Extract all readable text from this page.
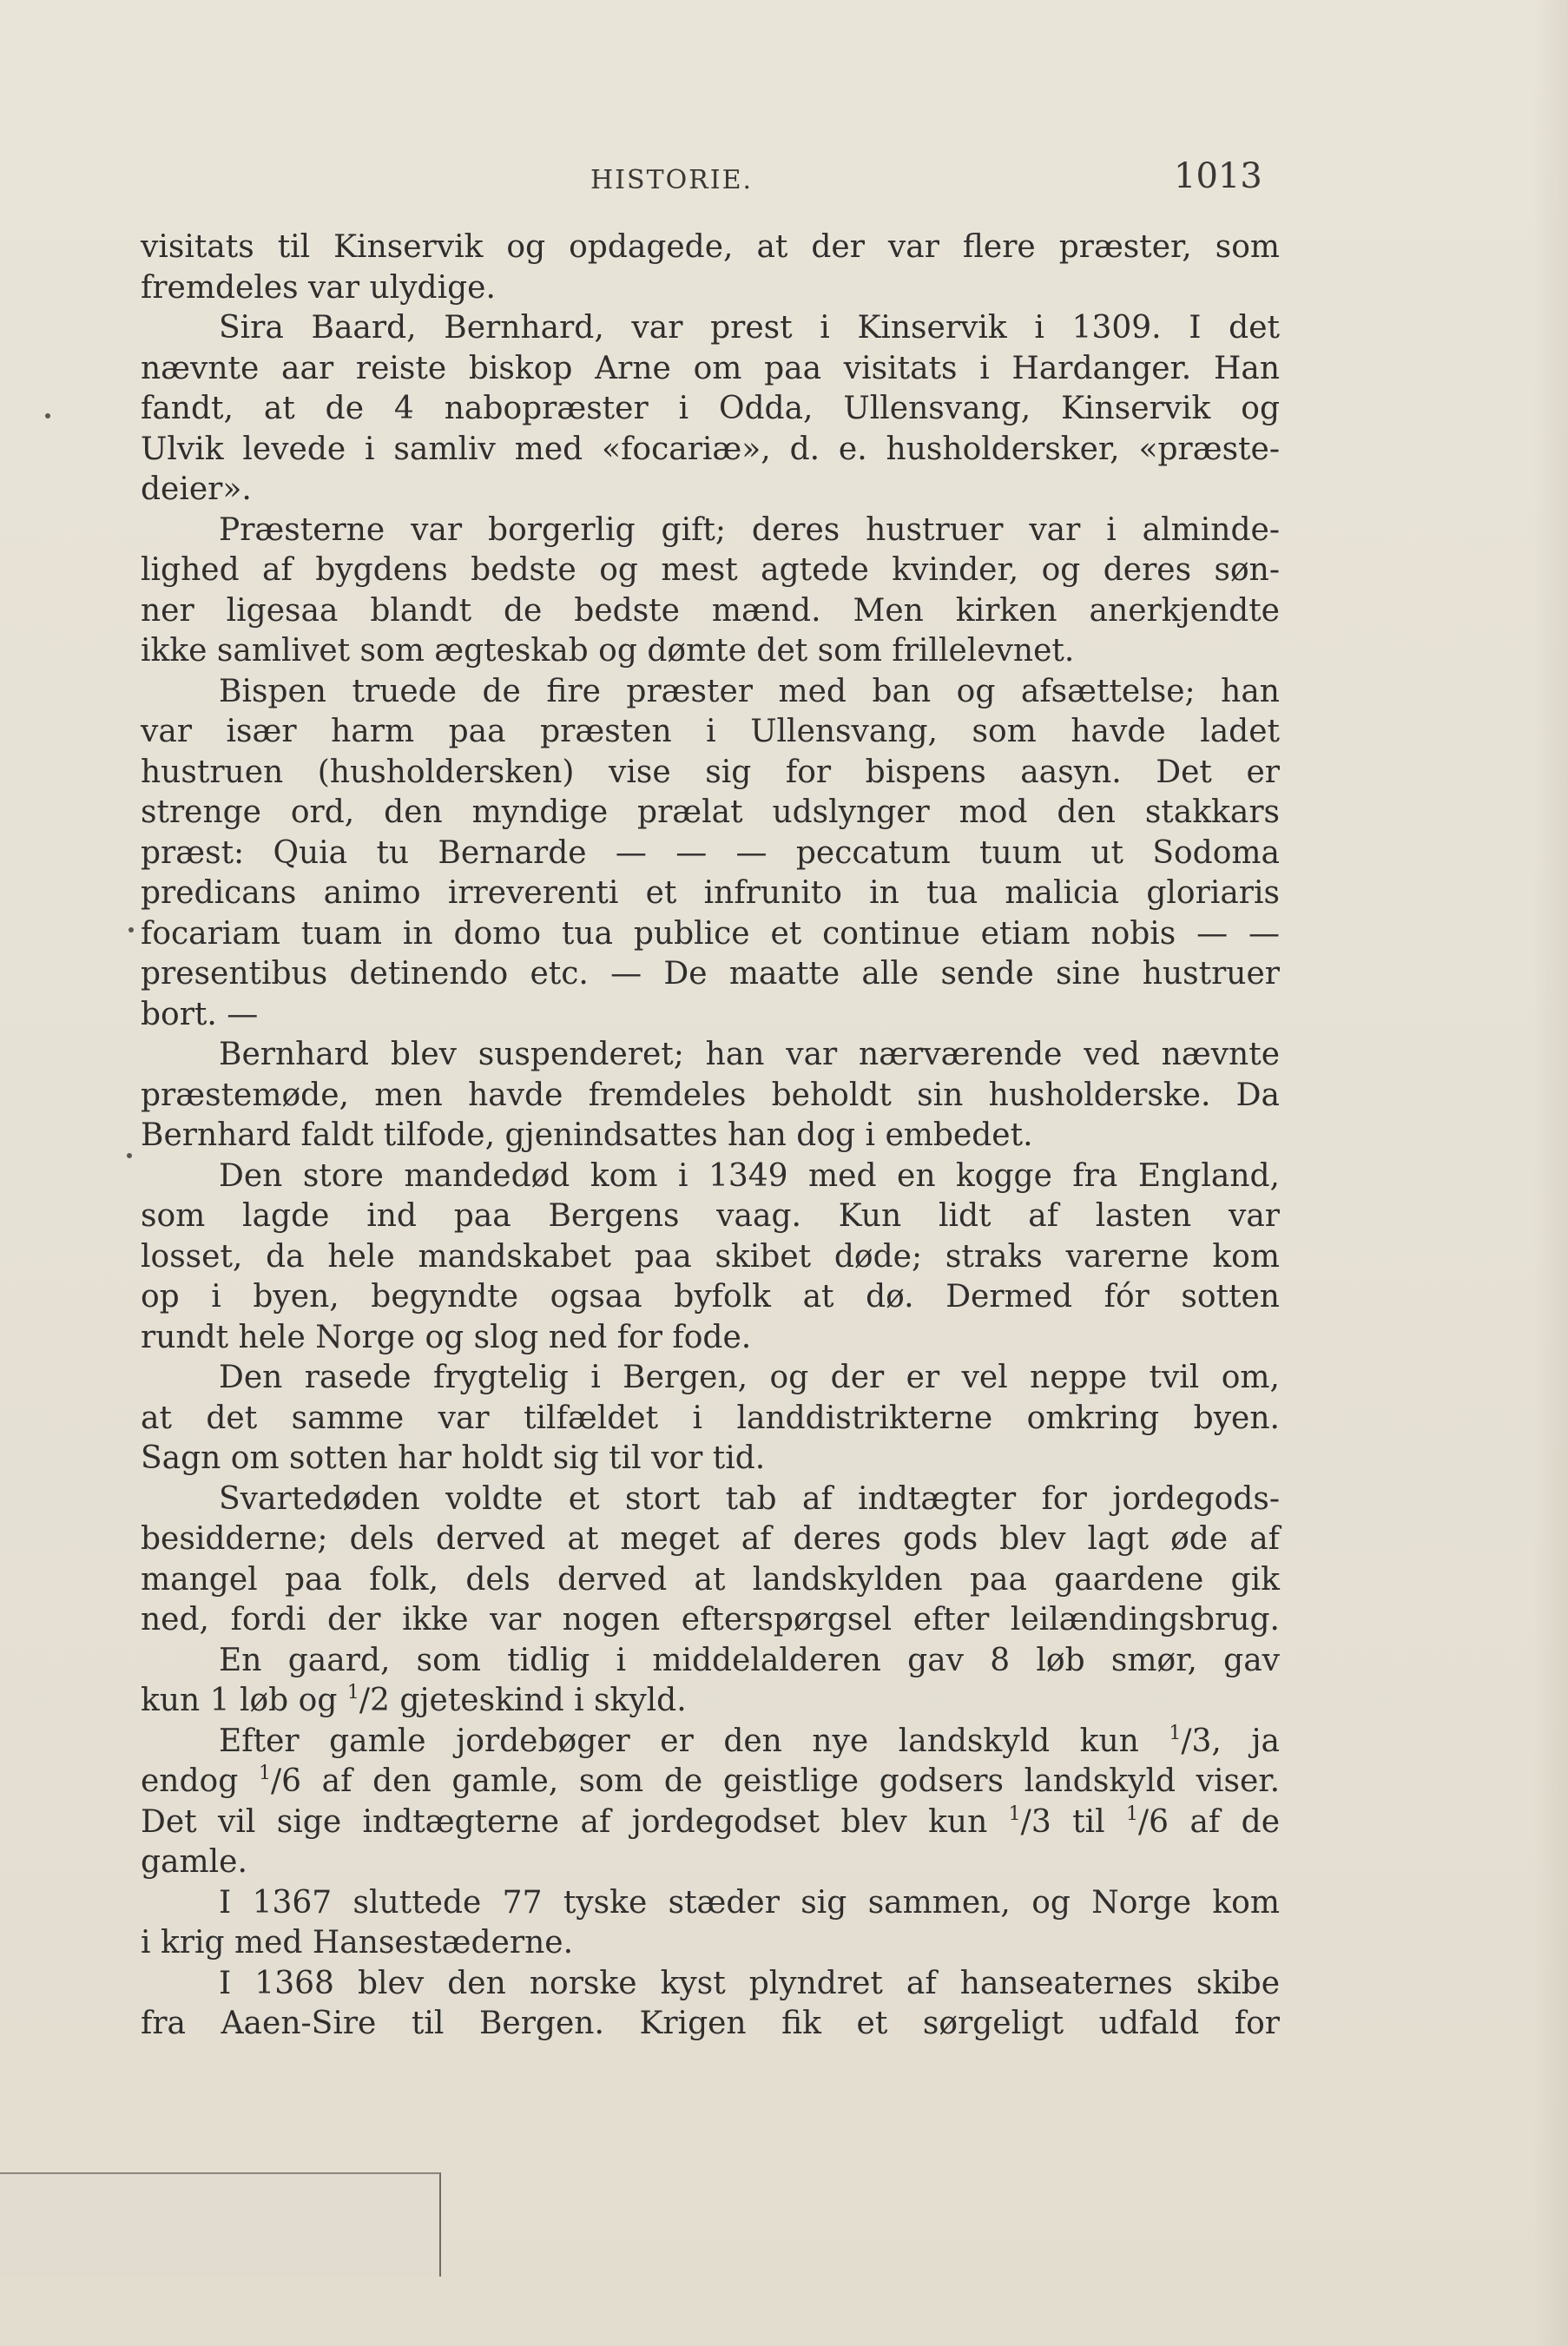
HISTORIE.	1013
visitats til Kinservik og opdagede, at der var flere præster, som
fremdeles var ulydige.
Sira Baard, Bernhard, var prest i Kinservik i 1309. I det
nævnte aar reiste biskop Arne om paa visitats i Hardanger. Han
fandt, at de 4 nabopræster i Odda, Ullensvang, Kinservik og
Ulvik levede i samliv med «focariæ», d. e. husholdersker, «præste-
deier».
Præsterne var borgerlig gift; deres hustruer var i alminde-
lighed af bygdens bedste og mest agtede kvinder, og deres søn-
ner ligesaa blandt de bedste mænd. Men kirken anerkjendte
ikke samlivet som ægteskab og dømte det som frillelevnet.
Bispen truede de fire præster med ban og afsættelse; han
var især harm paa præsten i Ullensvang, som havde ladet
hustruen (husholdersken) vise sig for bispens aasyn. Det er
strenge ord, den myndige prælat udslynger mod den stakkars
præst: Quia tu Bernarde — — — peccatum tuum ut Sodoma
predicans animo irreverenti et infrunito in tua malicia gloriaris
focariam tuam in domo tua publice et continue etiam nobis — —
presentibus detinendo etc. — De maatte alle sende sine hustruer
bort. —
Bernhard blev suspenderet; han var nærværende ved nævnte
præstemøde, men havde fremdeles beholdt sin husholderske. Da
Bernhard faldt tilfode, gjenindsattes han dog i embedet.
Den store mandedød kom i 1349 med en kogge fra England,
som lagde ind paa Bergens vaag. Kun lidt af lasten var
losset, da hele mandskabet paa skibet døde; straks varerne kom
op i byen, begyndte ogsaa byfolk at dø. Dermed fór sotten
rundt hele Norge og slog ned for fode.
Den rasede frygtelig i Bergen, og der er vel neppe tvil om,
at det samme var tilfældet i landdistrikterne omkring byen.
Sagn om sotten har holdt sig til vor tid.
Svartedøden voldte et stort tab af indtægter for jordegods-
besidderne; dels derved at meget af deres gods blev lagt øde af
mangel paa folk, dels derved at landskylden paa gaardene gik
ned, fordi der ikke var nogen efterspørgsel efter leilændingsbrug.
En gaard, som tidlig i middelalderen gav 8 løb smør, gav
kun 1 løb og $^1$/2 gjeteskind i skyld.
Efter gamle jordebøger er den nye landskyld kun $^1$/3, ja
endog $^1$/6 af den gamle, som de geistlige godsers landskyld viser.
Det vil sige indtægterne af jordegodset blev kun $^1$/3 til $^1$/6 af de
gamle.
I 1367 sluttede 77 tyske stæder sig sammen, og Norge kom
i krig med Hansestæderne.
I 1368 blev den norske kyst plyndret af hanseaternes skibe
fra Aaen-Sire til Bergen. Krigen fik et sørgeligt udfald for
